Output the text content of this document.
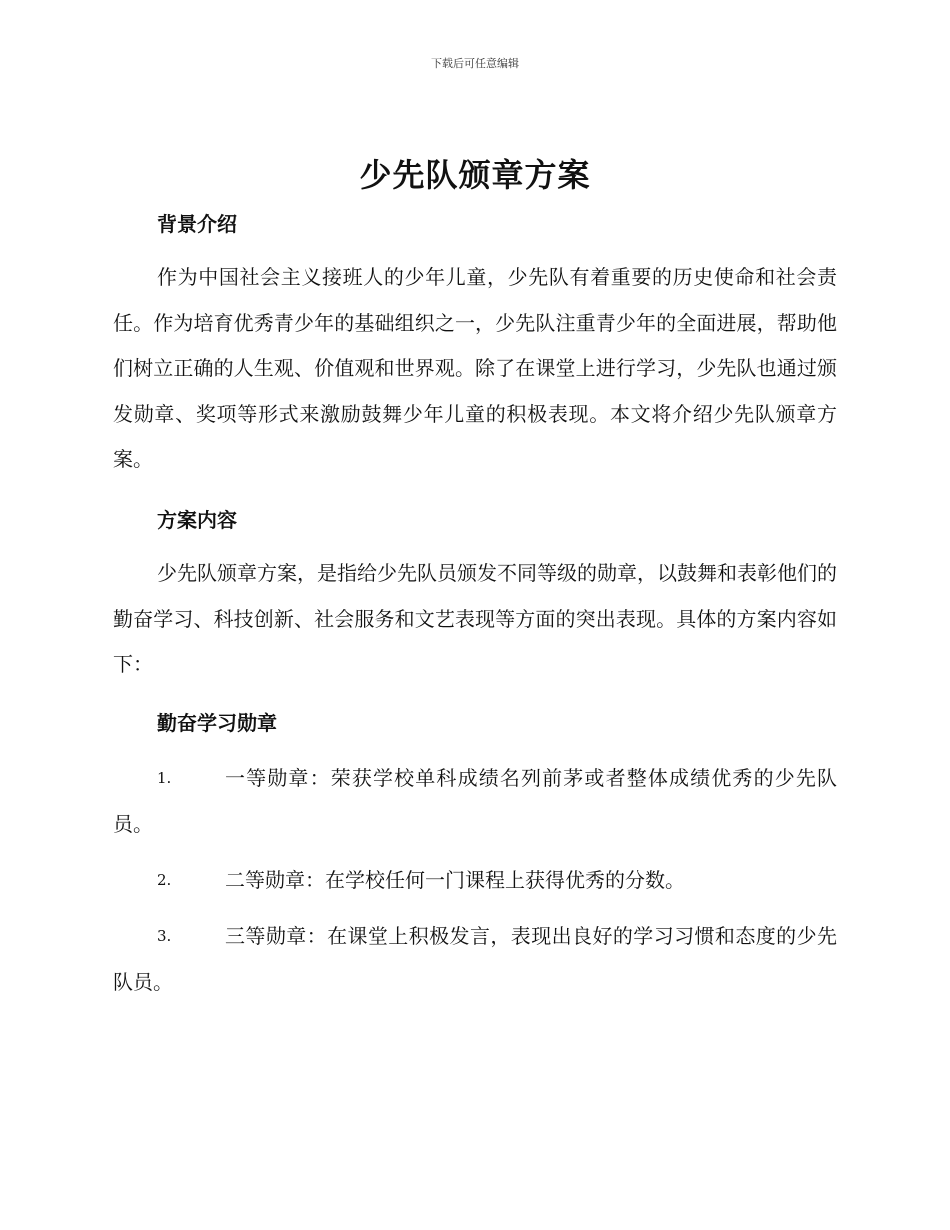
下载后可任意编辑
少先队颁章方案
背景介绍
作为中国社会主义接班人的少年儿童，少先队有着重要的历史使命和社会责任。作为培育优秀青少年的基础组织之一，少先队注重青少年的全面进展，帮助他们树立正确的人生观、价值观和世界观。除了在课堂上进行学习，少先队也通过颁发勋章、奖项等形式来激励鼓舞少年儿童的积极表现。本文将介绍少先队颁章方案。
方案内容
少先队颁章方案，是指给少先队员颁发不同等级的勋章，以鼓舞和表彰他们的勤奋学习、科技创新、社会服务和文艺表现等方面的突出表现。具体的方案内容如下：
勤奋学习勋章
1.	一等勋章：荣获学校单科成绩名列前茅或者整体成绩优秀的少先队员。
2.	二等勋章：在学校任何一门课程上获得优秀的分数。
3.	三等勋章：在课堂上积极发言，表现出良好的学习习惯和态度的少先队员。
